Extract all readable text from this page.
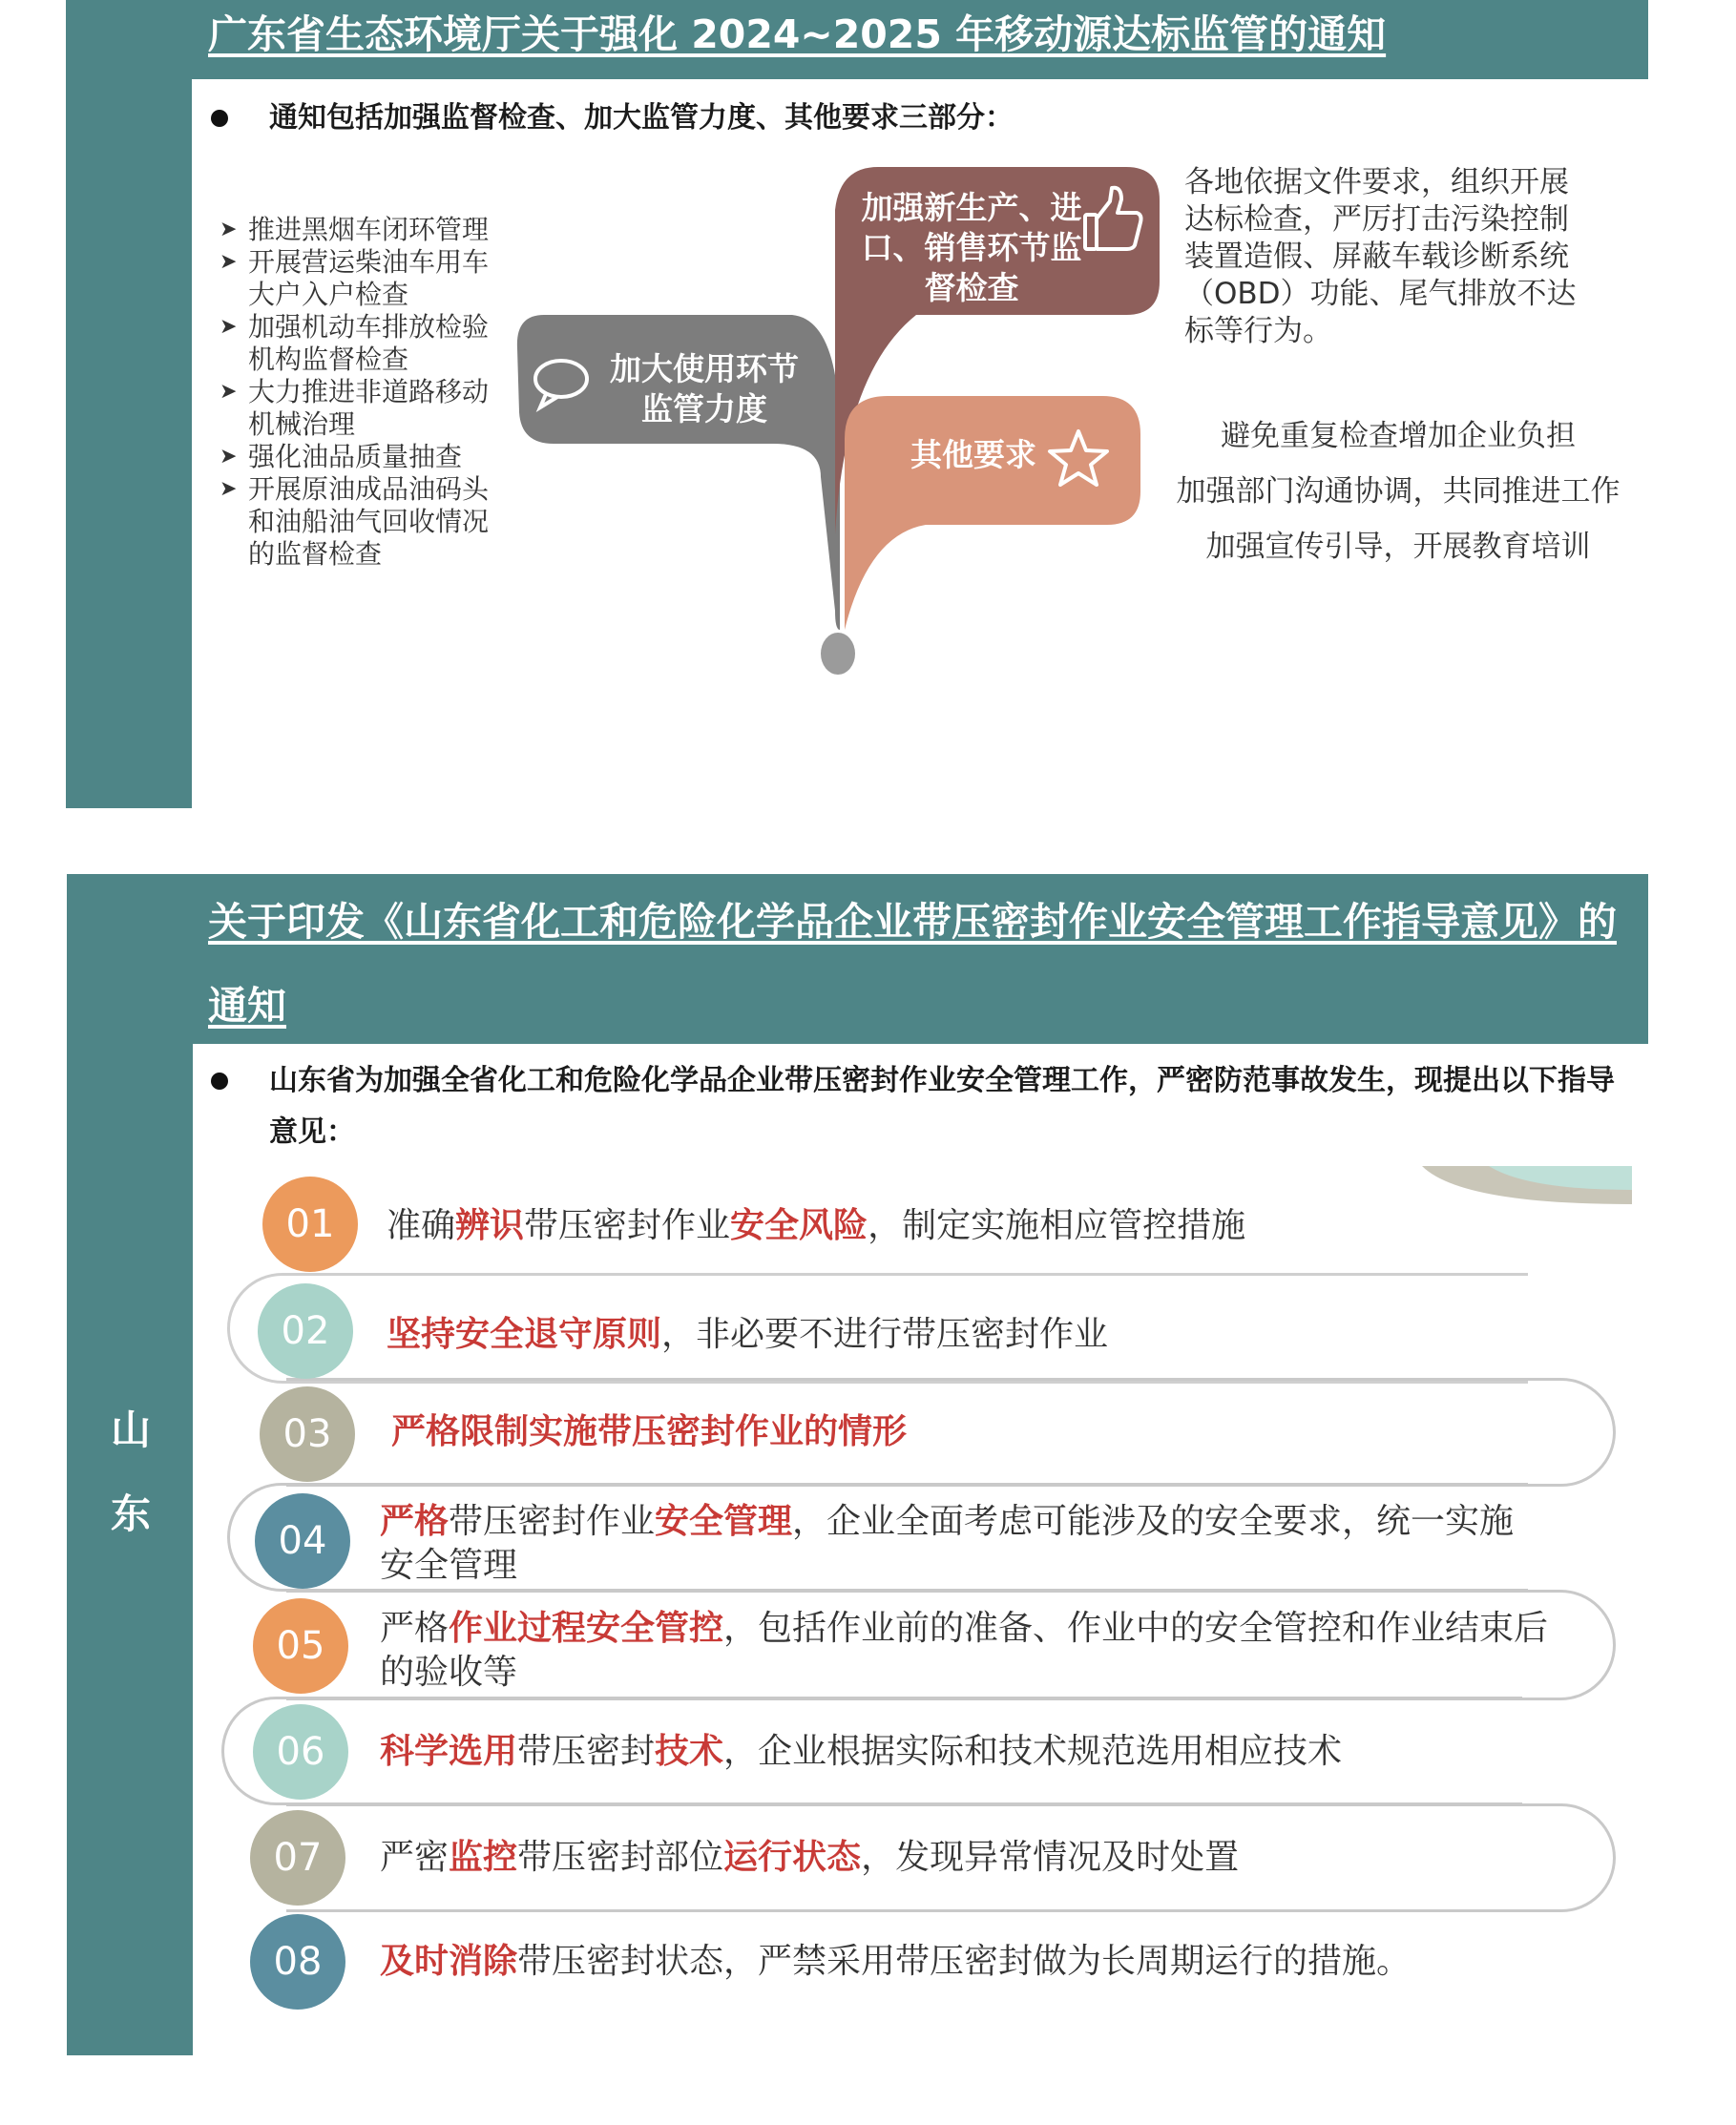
广东省生态环境厅关于强化 2024~2025 年移动源达标监管的通知
通知包括加强监督检查、加大监管力度、其他要求三部分：
➤ 推进黑烟车闭环管理
➤ 开展营运柴油车用车大户入户检查
➤ 加强机动车排放检验机构监督检查
➤ 大力推进非道路移动机械治理
➤ 强化油品质量抽查
➤ 开展原油成品油码头和油船油气回收情况的监督检查
加大使用环节监管力度
加强新生产、进口、销售环节监督检查
其他要求
各地依据文件要求，组织开展达标检查，严厉打击污染控制装置造假、屏蔽车载诊断系统（OBD）功能、尾气排放不达标等行为。
避免重复检查增加企业负担
加强部门沟通协调，共同推进工作
加强宣传引导，开展教育培训
关于印发《山东省化工和危险化学品企业带压密封作业安全管理工作指导意见》的通知
山
东
山东省为加强全省化工和危险化学品企业带压密封作业安全管理工作，严密防范事故发生，现提出以下指导意见：
01	准确辨识带压密封作业安全风险，制定实施相应管控措施
02	坚持安全退守原则，非必要不进行带压密封作业
03	严格限制实施带压密封作业的情形
04	严格带压密封作业安全管理，企业全面考虑可能涉及的安全要求，统一实施安全管理
05	严格作业过程安全管控，包括作业前的准备、作业中的安全管控和作业结束后的验收等
06	科学选用带压密封技术，企业根据实际和技术规范选用相应技术
07	严密监控带压密封部位运行状态，发现异常情况及时处置
08	及时消除带压密封状态，严禁采用带压密封做为长周期运行的措施。
